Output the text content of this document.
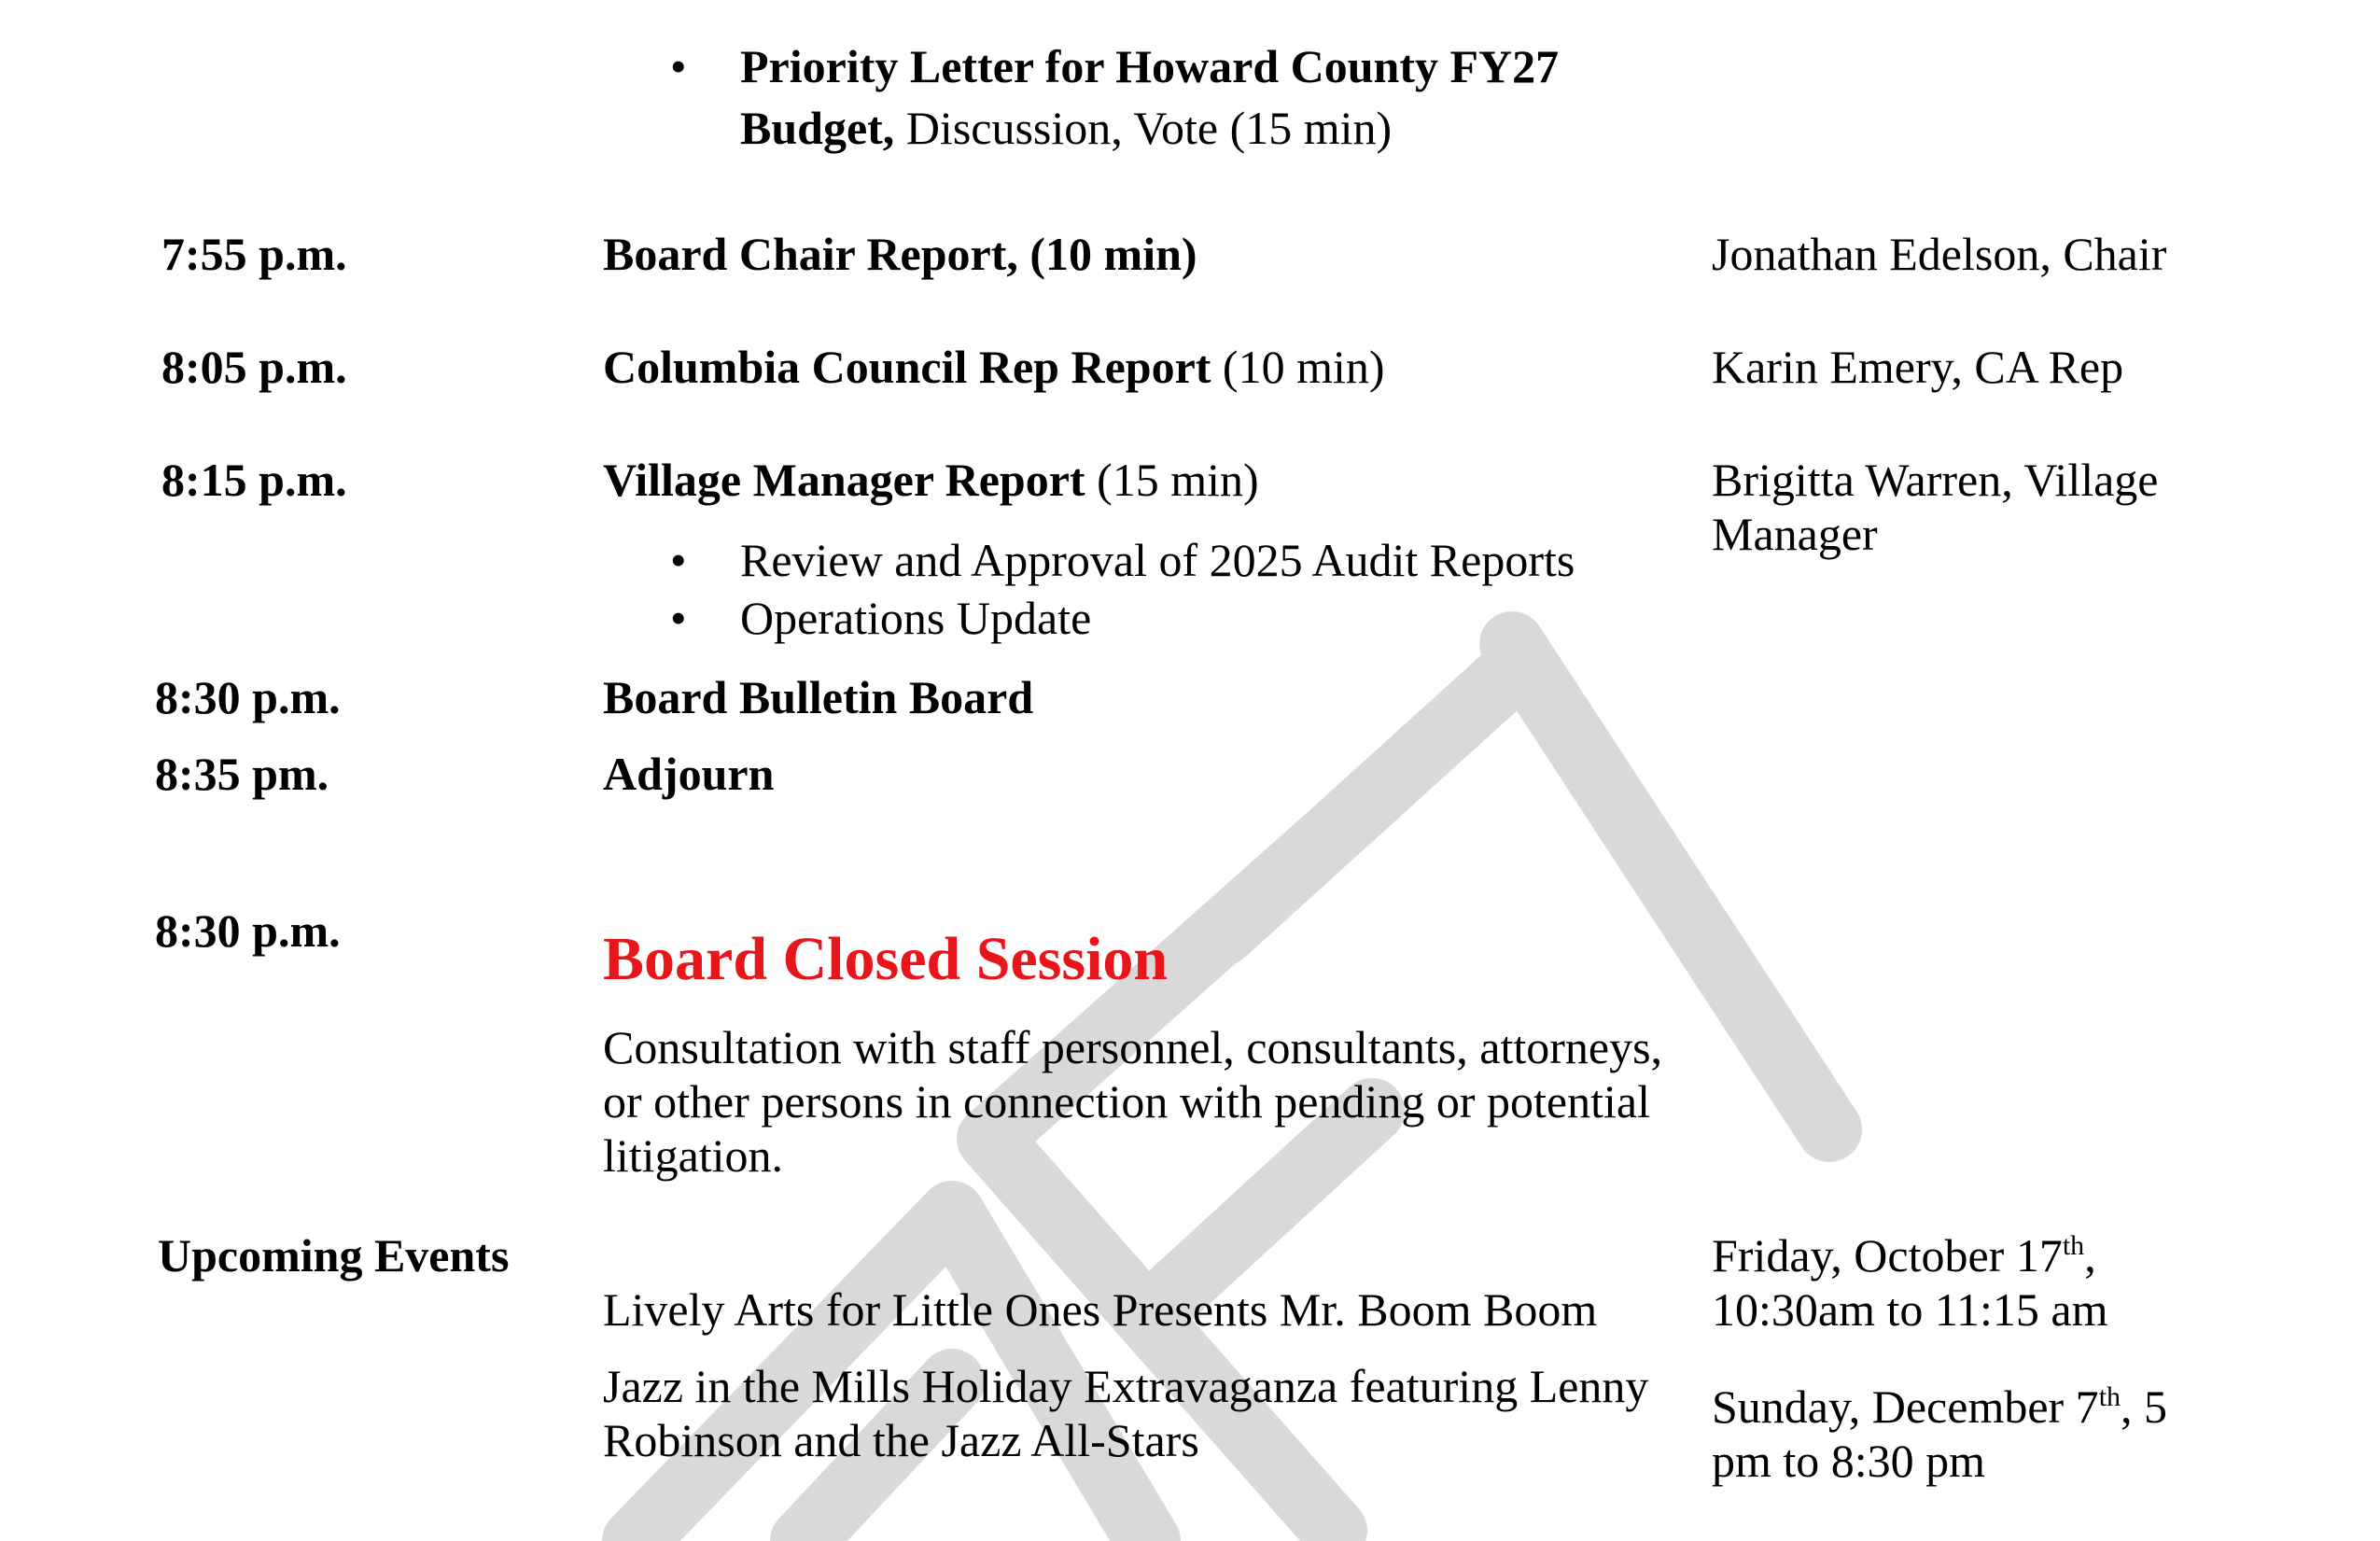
• Priority Letter for Howard County FY27
Budget, Discussion, Vote (15 min)
7:55 p.m.	Board Chair Report, (10 min)	Jonathan Edelson, Chair
8:05 p.m.	Columbia Council Rep Report (10 min)	Karin Emery, CA Rep
8:15 p.m.	Village Manager Report (15 min)	Brigitta Warren, Village
Manager
• Review and Approval of 2025 Audit Reports
• Operations Update
8:30 p.m.	Board Bulletin Board
8:35 pm.	Adjourn
8:30 p.m.	Board Closed Session
Consultation with staff personnel, consultants, attorneys,
or other persons in connection with pending or potential
litigation.
Upcoming Events
Lively Arts for Little Ones Presents Mr. Boom Boom
Friday, October 17th,
10:30am to 11:15 am
Jazz in the Mills Holiday Extravaganza featuring Lenny
Robinson and the Jazz All-Stars
Sunday, December 7th, 5
pm to 8:30 pm
